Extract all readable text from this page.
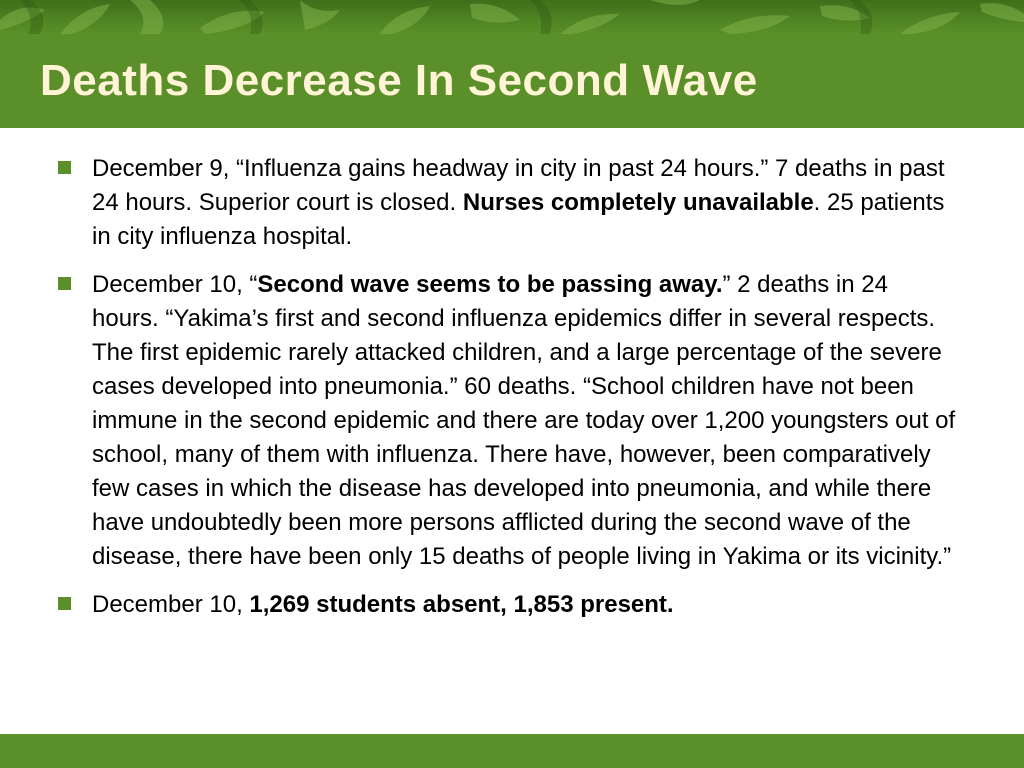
Deaths Decrease In Second Wave

December 9, “Influenza gains headway in city in past 24 hours.” 7 deaths in past 24 hours. Superior court is closed. Nurses completely unavailable. 25 patients in city influenza hospital.

December 10, “Second wave seems to be passing away.” 2 deaths in 24 hours. “Yakima’s first and second influenza epidemics differ in several respects. The first epidemic rarely attacked children, and a large percentage of the severe cases developed into pneumonia.” 60 deaths. “School children have not been immune in the second epidemic and there are today over 1,200 youngsters out of school, many of them with influenza. There have, however, been comparatively few cases in which the disease has developed into pneumonia, and while there have undoubtedly been more persons afflicted during the second wave of the disease, there have been only 15 deaths of people living in Yakima or its vicinity.”

December 10, 1,269 students absent, 1,853 present.
